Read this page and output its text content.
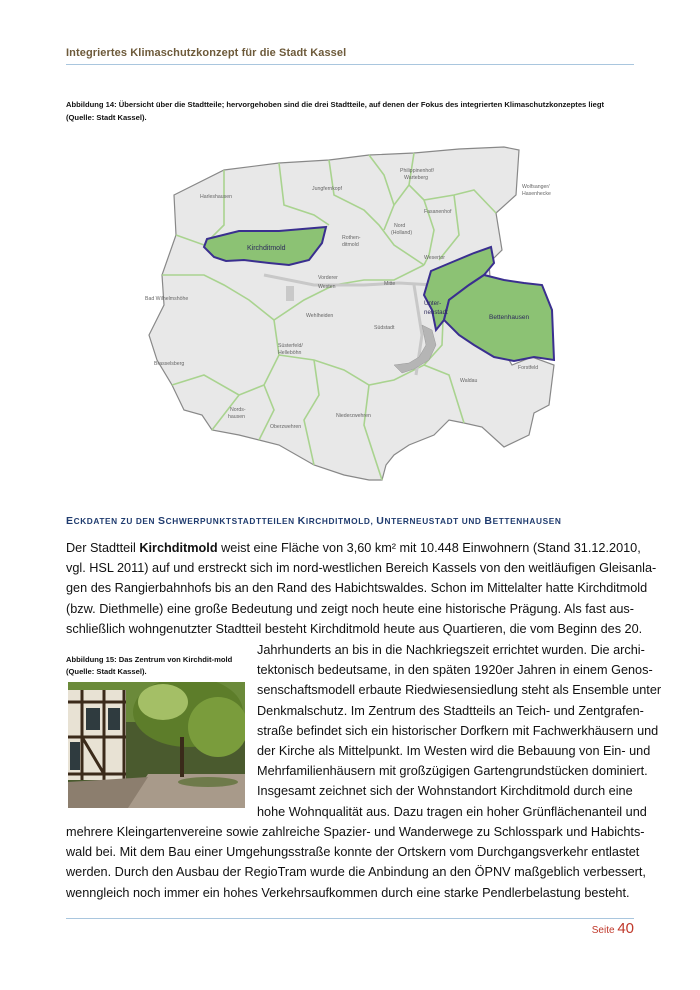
Integriertes Klimaschutzkonzept für die Stadt Kassel
Abbildung 14: Übersicht über die Stadtteile; hervorgehoben sind die drei Stadtteile, auf denen der Fokus des integrierten Klimaschutzkonzeptes liegt (Quelle: Stadt Kassel).
Harleshausen
Jungfernkopf
Philippinenhof/
Warteberg
Fasanenhof
Wolfsanger/
Hasenhecke
Kirchditmold
Rothen-
ditmold
Nord
(Holland)
Wesertor
Vorderer
Westen	Mitte
Bad Wilhelmshöhe
Wehlheiden
Unter-
neustadt
Bettenhausen
Südstadt
Forstfeld
Süsterfeld/
Helleböhn
Brasselsberg
Waldau
Nords-
hausen	Niederzwehren
Oberzwehren
ECKDATEN ZU DEN SCHWERPUNKTSTADTTEILEN KIRCHDITMOLD, UNTERNEUSTADT UND BETTENHAUSEN
Der Stadtteil Kirchditmold weist eine Fläche von 3,60 km² mit 10.448 Einwohnern (Stand 31.12.2010,
vgl. HSL 2011) auf und erstreckt sich im nord-westlichen Bereich Kassels von den weitläufigen Gleisanla-
gen des Rangierbahnhofs bis an den Rand des Habichtswaldes. Schon im Mittelalter hatte Kirchditmold
(bzw. Diethmelle) eine große Bedeutung und zeigt noch heute eine historische Prägung. Als fast aus-
schließlich wohngenutzter Stadtteil besteht Kirchditmold heute aus Quartieren, die vom Beginn des 20.
Abbildung 15: Das Zentrum von Kirchdit-mold (Quelle: Stadt Kassel).
Jahrhunderts an bis in die Nachkriegszeit errichtet wurden. Die archi-
tektonisch bedeutsame, in den späten 1920er Jahren in einem Genos-
senschaftsmodell erbaute Riedwiesensiedlung steht als Ensemble unter
Denkmalschutz. Im Zentrum des Stadtteils an Teich- und Zentgrafen-
straße befindet sich ein historischer Dorfkern mit Fachwerkhäusern und
der Kirche als Mittelpunkt. Im Westen wird die Bebauung von Ein- und
Mehrfamilienhäusern mit großzügigen Gartengrundstücken dominiert.
Insgesamt zeichnet sich der Wohnstandort Kirchditmold durch eine
hohe Wohnqualität aus. Dazu tragen ein hoher Grünflächenanteil und
mehrere Kleingartenvereine sowie zahlreiche Spazier- und Wanderwege zu Schlosspark und Habichts-
wald bei. Mit dem Bau einer Umgehungsstraße konnte der Ortskern vom Durchgangsverkehr entlastet
werden. Durch den Ausbau der RegioTram wurde die Anbindung an den ÖPNV maßgeblich verbessert,
wenngleich noch immer ein hohes Verkehrsaufkommen durch eine starke Pendlerbelastung besteht.
Seite 40
